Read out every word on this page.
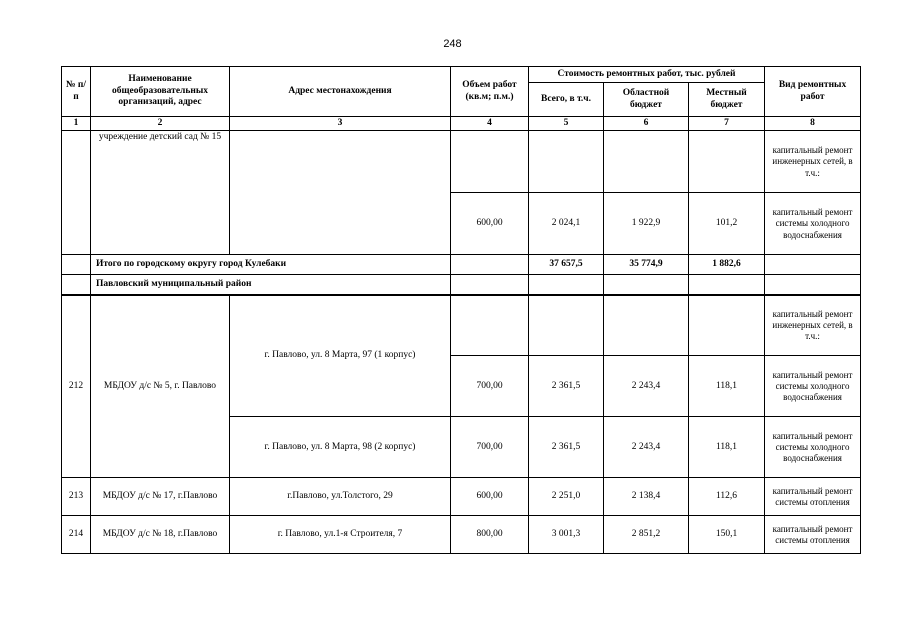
248
№ п/п	Наименование общеобразовательных организаций, адрес	Адрес местонахождения	Объем работ (кв.м; п.м.)	Стоимость ремонтных работ, тыс. рублей			Вид ремонтных работ
				Всего, в т.ч.	Областной бюджет	Местный бюджет	
1	2	3	4	5	6	7	8
	учреждение детский сад № 15						капитальный ремонт инженерных сетей, в т.ч.:
			600,00	2 024,1	1 922,9	101,2	капитальный ремонт системы холодного водоснабжения
	Итого по городскому округу город Кулебаки			37 657,5	35 774,9	1 882,6	
	Павловский муниципальный район						
212	МБДОУ д/с № 5, г. Павлово	г. Павлово, ул. 8 Марта, 97 (1 корпус)					капитальный ремонт инженерных сетей, в т.ч.:
			700,00	2 361,5	2 243,4	118,1	капитальный ремонт системы холодного водоснабжения
		г. Павлово, ул. 8 Марта, 98 (2 корпус)	700,00	2 361,5	2 243,4	118,1	капитальный ремонт системы холодного водоснабжения
213	МБДОУ д/с № 17, г.Павлово	г.Павлово, ул.Толстого, 29	600,00	2 251,0	2 138,4	112,6	капитальный ремонт системы отопления
214	МБДОУ д/с № 18, г.Павлово	г. Павлово, ул.1-я Строителя, 7	800,00	3 001,3	2 851,2	150,1	капитальный ремонт системы отопления
